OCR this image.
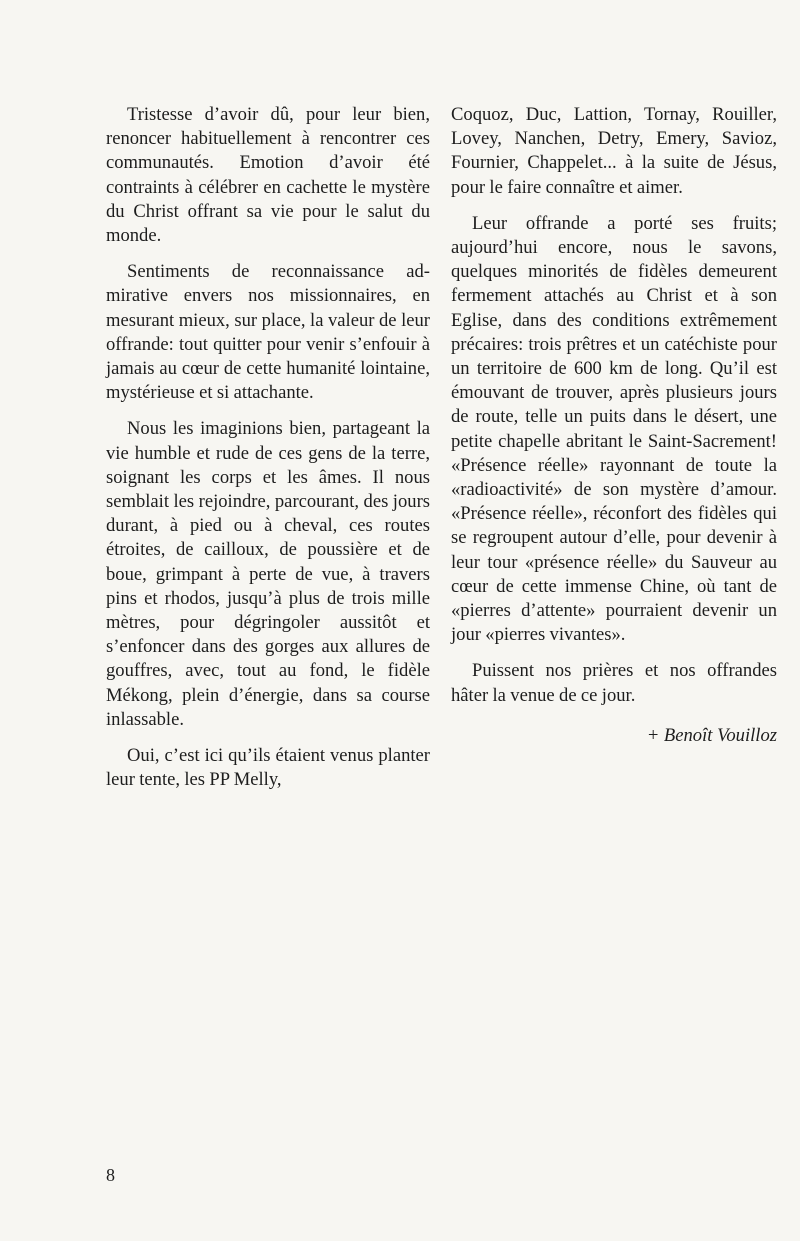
Tristesse d’avoir dû, pour leur bien, renoncer habituellement à rencontrer ces communautés. Emotion d’avoir été contraints à célébrer en cachette le mystère du Christ offrant sa vie pour le salut du monde.

Sentiments de reconnaissance admirative envers nos missionnaires, en mesurant mieux, sur place, la valeur de leur offrande: tout quitter pour venir s’enfouir à jamais au cœur de cette humanité lointaine, mystérieuse et si attachante.

Nous les imaginions bien, partageant la vie humble et rude de ces gens de la terre, soignant les corps et les âmes. Il nous semblait les rejoindre, parcourant, des jours durant, à pied ou à cheval, ces routes étroites, de cailloux, de poussière et de boue, grimpant à perte de vue, à travers pins et rhodos, jusqu’à plus de trois mille mètres, pour dégringoler aussitôt et s’enfoncer dans des gorges aux allures de gouffres, avec, tout au fond, le fidèle Mékong, plein d’énergie, dans sa course inlassable.

Oui, c’est ici qu’ils étaient venus planter leur tente, les PP Melly,

Coquoz, Duc, Lattion, Tornay, Rouiller, Lovey, Nanchen, Detry, Emery, Savioz, Fournier, Chappelet... à la suite de Jésus, pour le faire connaître et aimer.

Leur offrande a porté ses fruits; aujourd’hui encore, nous le savons, quelques minorités de fidèles demeurent fermement attachés au Christ et à son Eglise, dans des conditions extrêmement précaires: trois prêtres et un catéchiste pour un territoire de 600 km de long. Qu’il est émouvant de trouver, après plusieurs jours de route, telle un puits dans le désert, une petite chapelle abritant le Saint-Sacrement! «Présence réelle» rayonnant de toute la «radioactivité» de son mystère d’amour. «Présence réelle», réconfort des fidèles qui se regroupent autour d’elle, pour devenir à leur tour «présence réelle» du Sauveur au cœur de cette immense Chine, où tant de «pierres d’attente» pourraient devenir un jour «pierres vivantes».

Puissent nos prières et nos offrandes hâter la venue de ce jour.

+ Benoît Vouilloz

8
